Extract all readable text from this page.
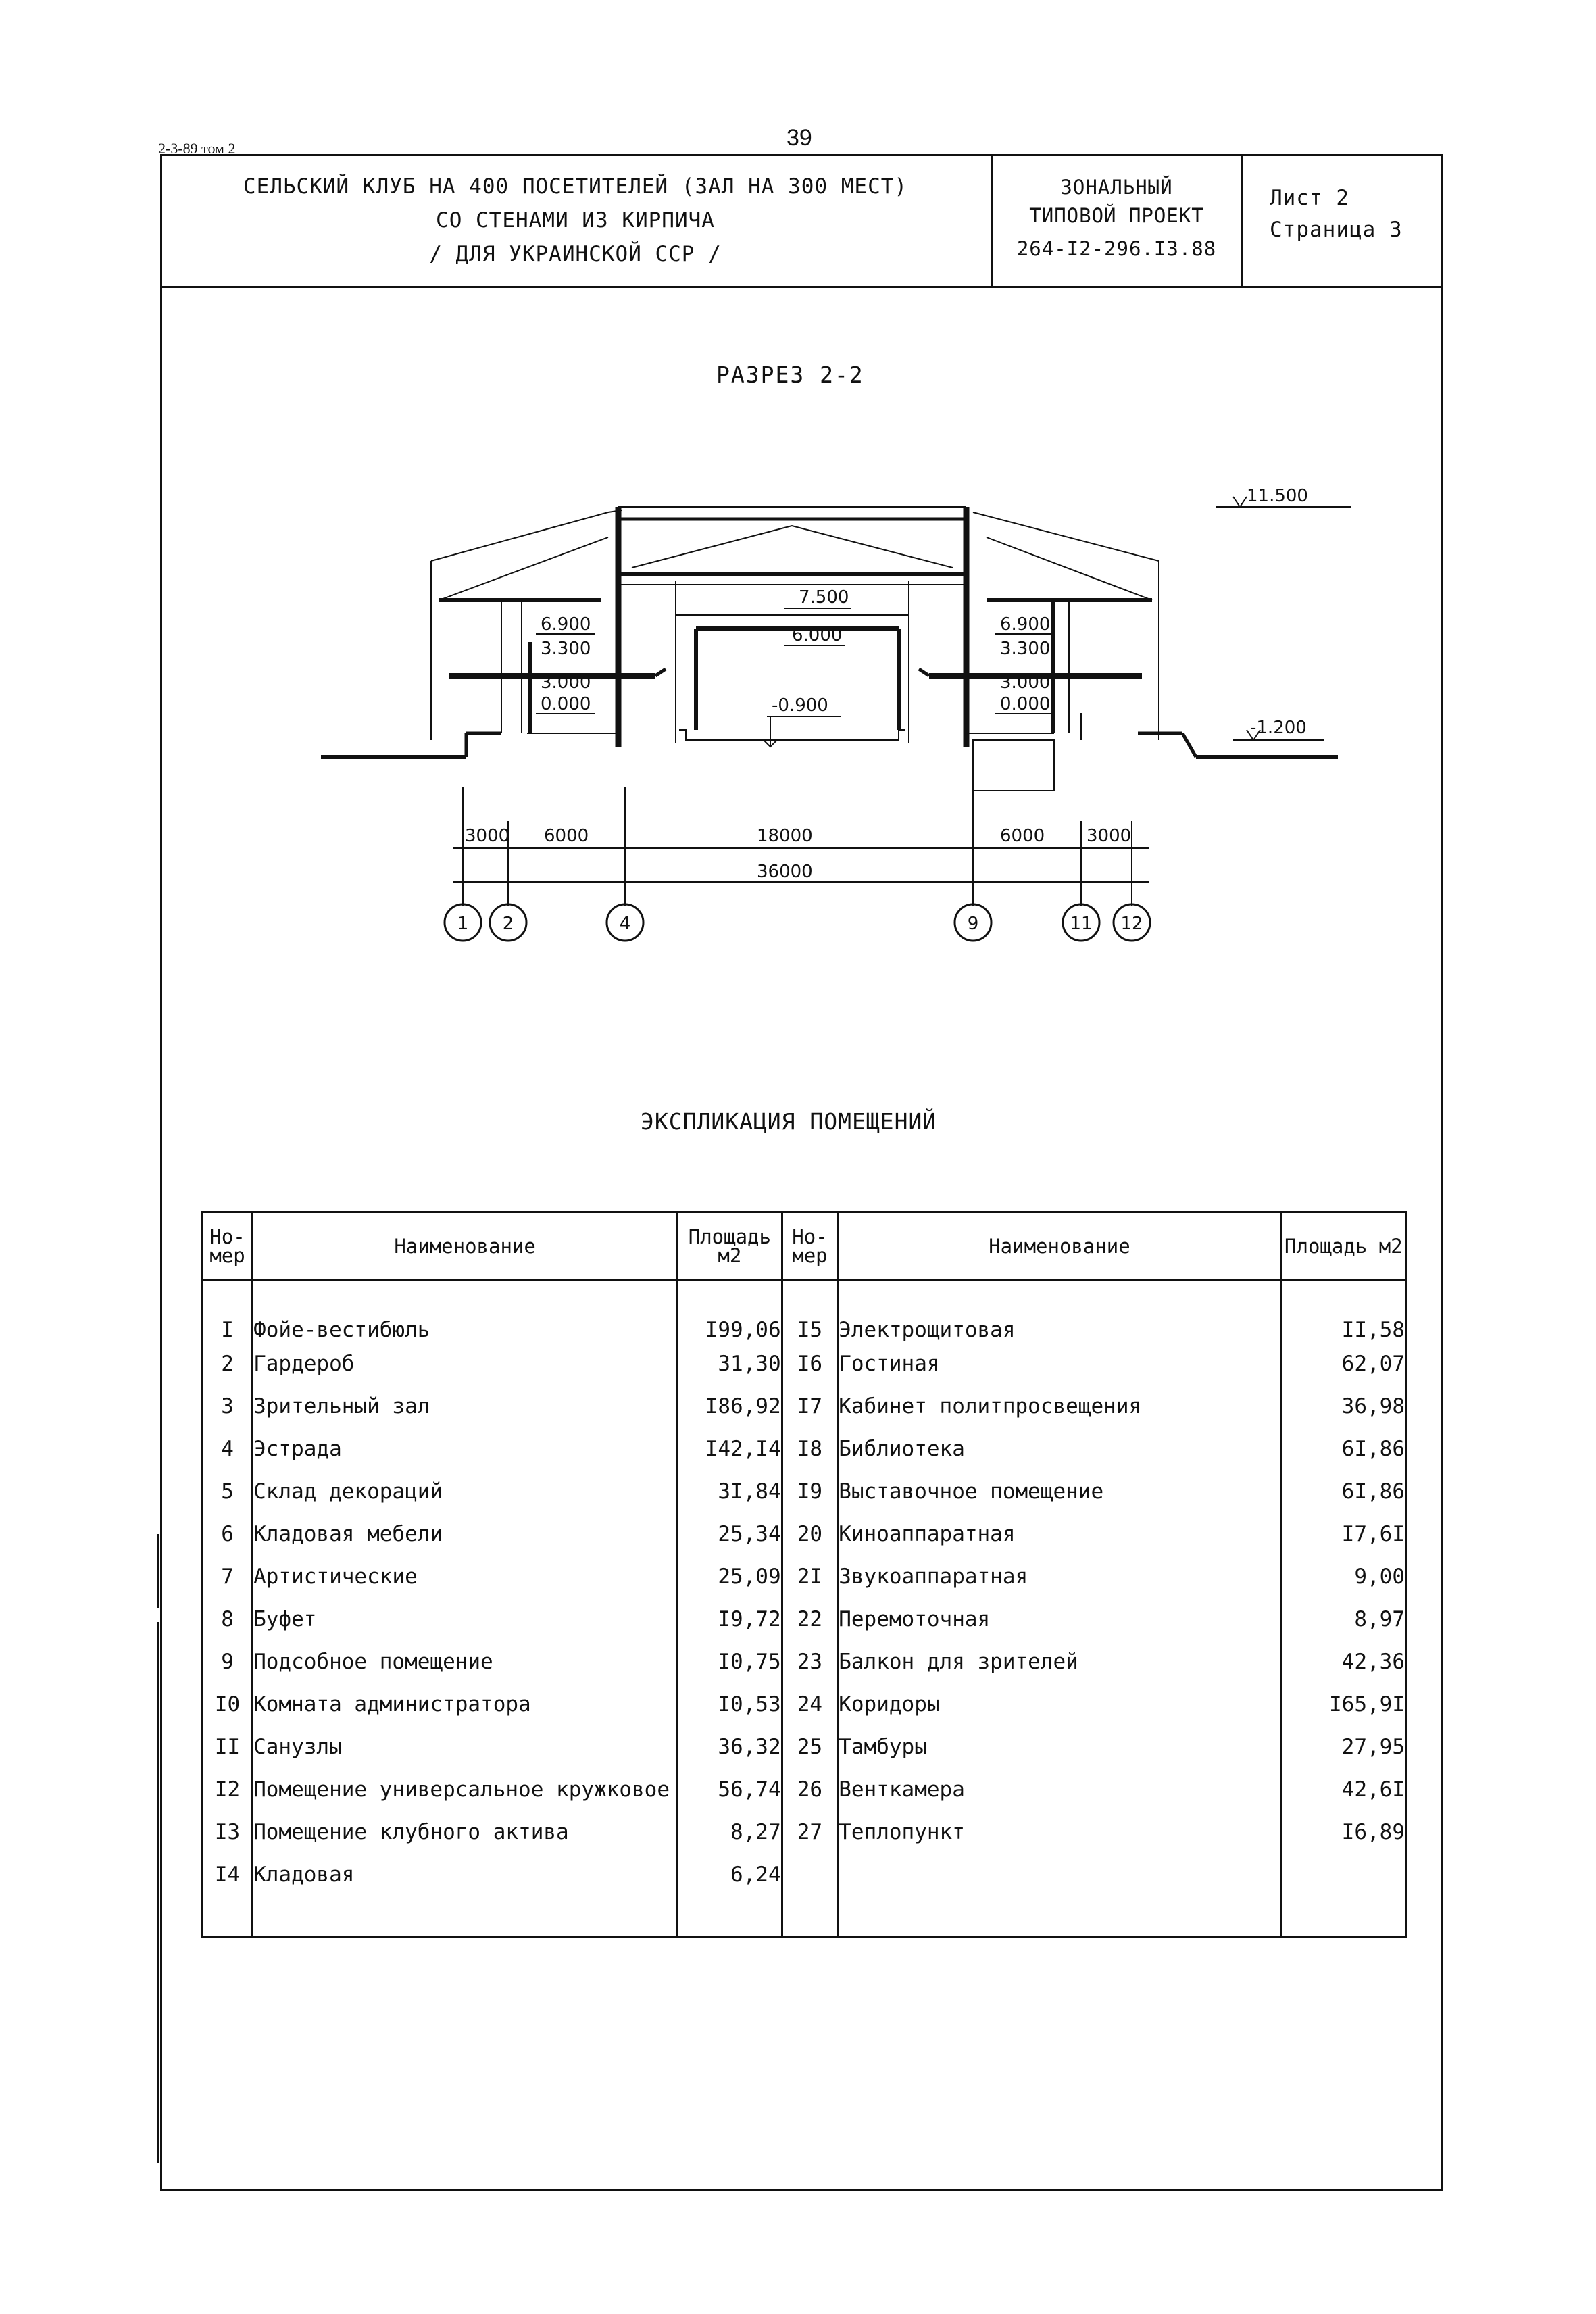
2-3-89 том 2	39
СЕЛЬСКИЙ КЛУБ НА 400 ПОСЕТИТЕЛЕЙ (ЗАЛ НА 300 МЕСТ)
СО СТЕНАМИ ИЗ КИРПИЧА
/ ДЛЯ УКРАИНСКОЙ ССР /
ЗОНАЛЬНЫЙ
ТИПОВОЙ ПРОЕКТ
264-I2-296.I3.88
Лист 2
Страница 3
РАЗРЕЗ 2-2
11.500
7.500
6.000
6.900
3.300
3.000
0.000
6.900
3.300
3.000
0.000
-0.900
-1.200
3000 6000	18000	6000 3000
36000
1 2	4	9	11 12
ЭКСПЛИКАЦИЯ ПОМЕЩЕНИЙ
Но-мер	Наименование	Площадь м2	Но-мер	Наименование	Площадь м2
I	Фойе-вестибюль	I99,06	I5	Электрощитовая	II,58
2	Гардероб	31,30	I6	Гостиная	62,07
3	Зрительный зал	I86,92	I7	Кабинет политпросвещения	36,98
4	Эстрада	I42,I4	I8	Библиотека	6I,86
5	Склад декораций	3I,84	I9	Выставочное помещение	6I,86
6	Кладовая мебели	25,34	20	Киноаппаратная	I7,6I
7	Артистические	25,09	2I	Звукоаппаратная	9,00
8	Буфет	I9,72	22	Перемоточная	8,97
9	Подсобное помещение	I0,75	23	Балкон для зрителей	42,36
I0	Комната администратора	I0,53	24	Коридоры	I65,9I
II	Санузлы	36,32	25	Тамбуры	27,95
I2	Помещение универсальное кружковое	56,74	26	Венткамера	42,6I
I3	Помещение клубного актива	8,27	27	Теплопункт	I6,89
I4	Кладовая	6,24			
